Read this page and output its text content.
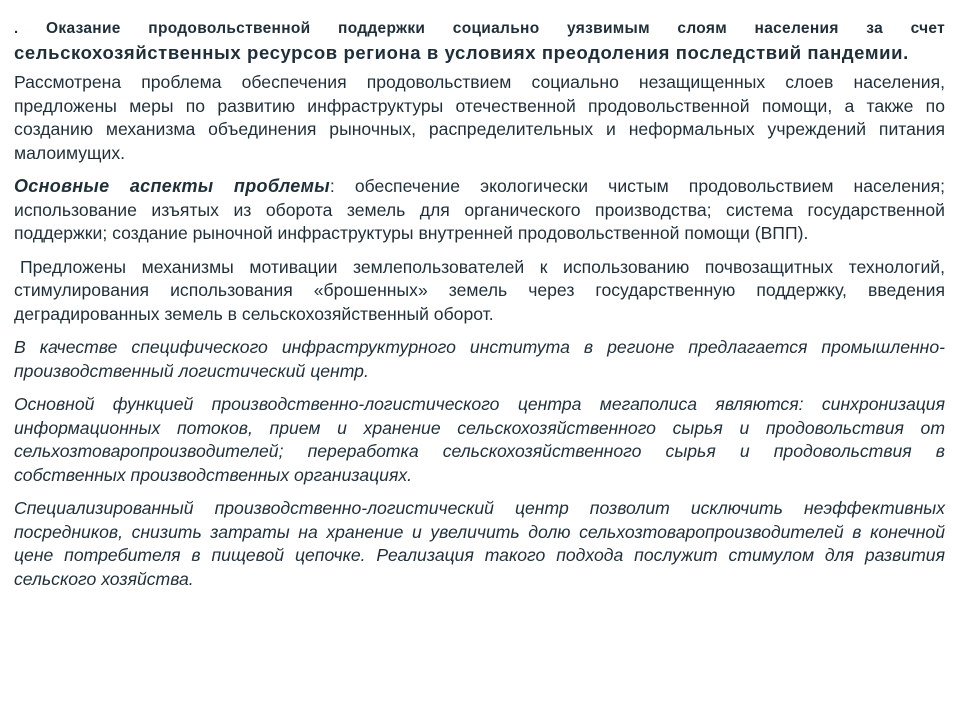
. Оказание продовольственной поддержки социально уязвимым слоям населения за счет сельскохозяйственных ресурсов региона в условиях преодоления последствий пандемии.

Рассмотрена проблема обеспечения продовольствием социально незащищенных слоев населения, предложены меры по развитию инфраструктуры отечественной продовольственной помощи, а также по созданию механизма объединения рыночных, распределительных и неформальных учреждений питания малоимущих.

Основные аспекты проблемы: обеспечение экологически чистым продовольствием населения; использование изъятых из оборота земель для органического производства; система государственной поддержки; создание рыночной инфраструктуры внутренней продовольственной помощи (ВПП).

Предложены механизмы мотивации землепользователей к использованию почвозащитных технологий, стимулирования использования «брошенных» земель через государственную поддержку, введения деградированных земель в сельскохозяйственный оборот.

В качестве специфического инфраструктурного института в регионе предлагается промышленно-производственный логистический центр.

Основной функцией производственно-логистического центра мегаполиса являются: синхронизация информационных потоков, прием и хранение сельскохозяйственного сырья и продовольствия от сельхозтоваропроизводителей; переработка сельскохозяйственного сырья и продовольствия в собственных производственных организациях.

Специализированный производственно-логистический центр позволит исключить неэффективных посредников, снизить затраты на хранение и увеличить долю сельхозтоваропроизводителей в конечной цене потребителя в пищевой цепочке. Реализация такого подхода послужит стимулом для развития сельского хозяйства.
